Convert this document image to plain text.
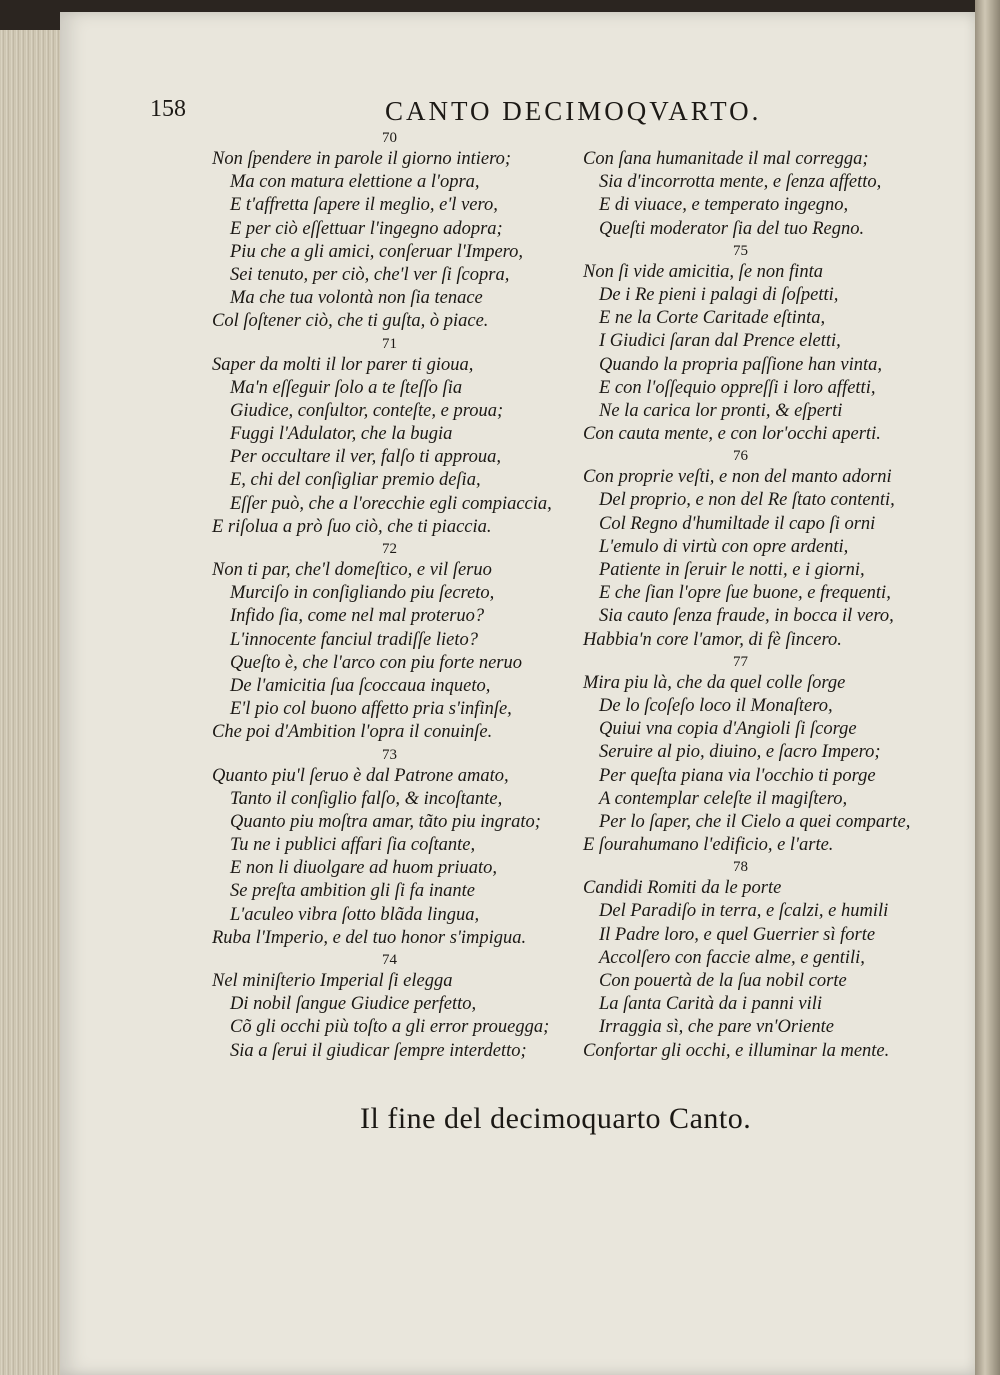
158	CANTO DECIMOQVARTO.
70
Non ſpendere in parole il giorno intiero;
Ma con matura elettione a l'opra,
E t'affretta ſapere il meglio, e'l vero,
E per ciò eſſettuar l'ingegno adopra;
Piu che a gli amici, conſeruar l'Impero,
Sei tenuto, per ciò, che'l ver ſi ſcopra,
Ma che tua volontà non ſia tenace
Col ſoſtener ciò, che ti guſta, ò piace.
71
Saper da molti il lor parer ti gioua,
Ma'n eſſeguir ſolo a te ſteſſo ſia
Giudice, conſultor, conteſte, e proua;
Fuggi l'Adulator, che la bugia
Per occultare il ver, falſo ti approua,
E, chi del conſigliar premio deſia,
Eſſer può, che a l'orecchie egli compiaccia,
E riſolua a prò ſuo ciò, che ti piaccia.
72
Non ti par, che'l domeſtico, e vil ſeruo
Murciſo in conſigliando piu ſecreto,
Infido ſia, come nel mal proteruo?
L'innocente fanciul tradiſſe lieto?
Queſto è, che l'arco con piu forte neruo
De l'amicitia ſua ſcoccaua inqueto,
E'l pio col buono affetto pria s'infinſe,
Che poi d'Ambition l'opra il conuinſe.
73
Quanto piu'l ſeruo è dal Patrone amato,
Tanto il conſiglio falſo, & incoſtante,
Quanto piu moſtra amar, tãto piu ingrato;
Tu ne i publici affari ſia coſtante,
E non li diuolgare ad huom priuato,
Se preſta ambition gli ſi fa inante
L'aculeo vibra ſotto blãda lingua,
Ruba l'Imperio, e del tuo honor s'impigua.
74
Nel miniſterio Imperial ſi elegga
Di nobil ſangue Giudice perfetto,
Cõ gli occhi più toſto a gli error prouegga;
Sia a ſerui il giudicar ſempre interdetto;
Con ſana humanitade il mal corregga;
Sia d'incorrotta mente, e ſenza affetto,
E di viuace, e temperato ingegno,
Queſti moderator ſia del tuo Regno.
75
Non ſi vide amicitia, ſe non finta
De i Re pieni i palagi di ſoſpetti,
E ne la Corte Caritade eſtinta,
I Giudici ſaran dal Prence eletti,
Quando la propria paſſione han vinta,
E con l'oſſequio oppreſſi i loro affetti,
Ne la carica lor pronti, & eſperti
Con cauta mente, e con lor'occhi aperti.
76
Con proprie veſti, e non del manto adorni
Del proprio, e non del Re ſtato contenti,
Col Regno d'humiltade il capo ſi orni
L'emulo di virtù con opre ardenti,
Patiente in ſeruir le notti, e i giorni,
E che ſian l'opre ſue buone, e frequenti,
Sia cauto ſenza fraude, in bocca il vero,
Habbia'n core l'amor, di fè ſincero.
77
Mira piu là, che da quel colle ſorge
De lo ſcoſeſo loco il Monaſtero,
Quiui vna copia d'Angioli ſi ſcorge
Seruire al pio, diuino, e ſacro Impero;
Per queſta piana via l'occhio ti porge
A contemplar celeſte il magiſtero,
Per lo ſaper, che il Cielo a quei comparte,
E ſourahumano l'edificio, e l'arte.
78
Candidi Romiti da le porte
Del Paradiſo in terra, e ſcalzi, e humili
Il Padre loro, e quel Guerrier sì forte
Accolſero con faccie alme, e gentili,
Con pouertà de la ſua nobil corte
La ſanta Carità da i panni vili
Irraggia sì, che pare vn'Oriente
Confortar gli occhi, e illuminar la mente.
Il fine del decimoquarto Canto.
